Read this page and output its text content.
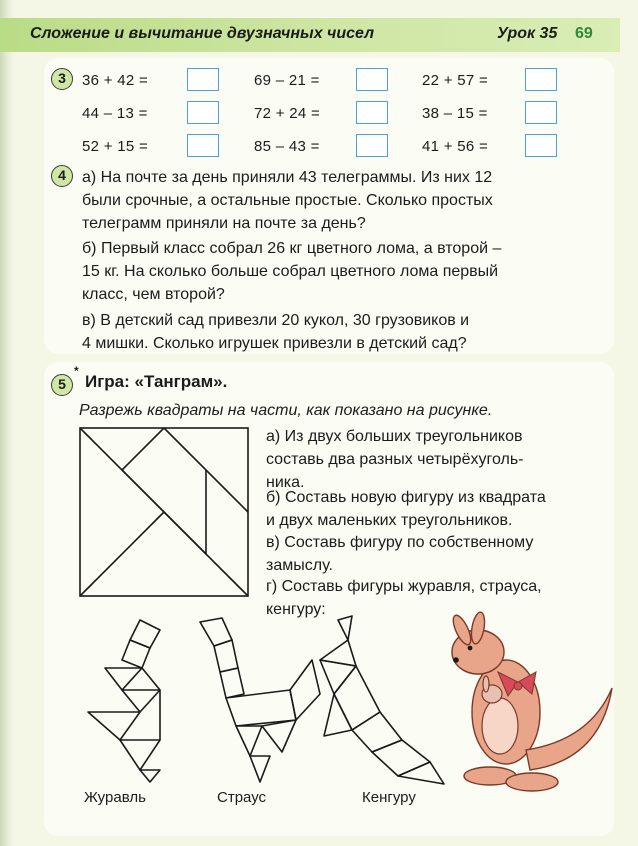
Сложение и вычитание двузначных чисел	Урок 35 69
3	36 + 42 =	69 – 21 =	22 + 57 =
44 – 13 =	72 + 24 =	38 – 15 =
52 + 15 =	85 – 43 =	41 + 56 =
4	а) На почте за день приняли 43 телеграммы. Из них 12
были срочные, а остальные простые. Сколько простых
телеграмм приняли на почте за день?
б) Первый класс собрал 26 кг цветного лома, а второй –
15 кг. На сколько больше собрал цветного лома первый
класс, чем второй?
в) В детский сад привезли 20 кукол, 30 грузовиков и
4 мишки. Сколько игрушек привезли в детский сад?
5
*
Игра: «Танграм».
Разрежь квадраты на части, как показано на рисунке.
а) Из двух больших треугольников
составь два разных четырёхуголь-
ника.
б) Составь новую фигуру из квадрата
и двух маленьких треугольников.
в) Составь фигуру по собственному
замыслу.
г) Составь фигуры журавля, страуса,
кенгуру:
Журавль	Страус	Кенгуру
